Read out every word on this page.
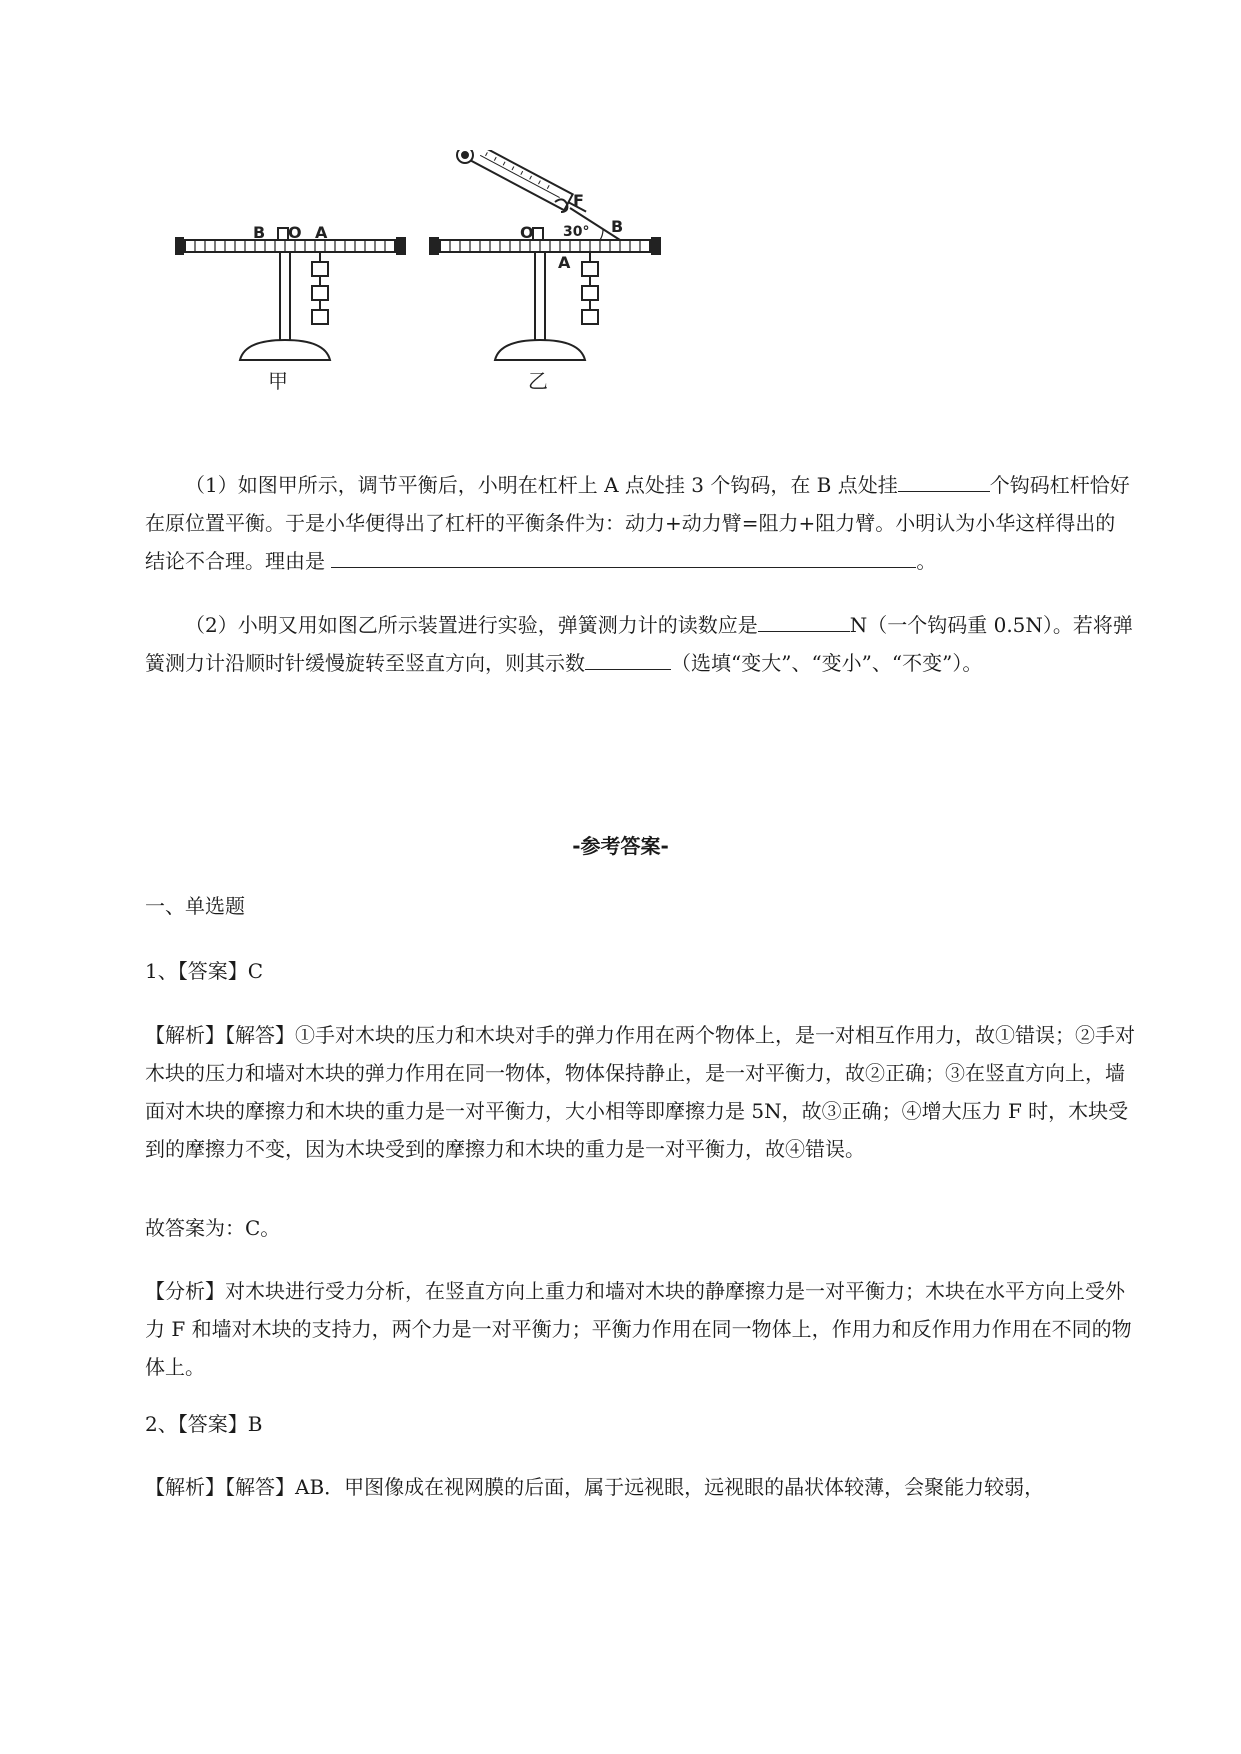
B O A	O
A
B
F
30°
甲	乙

（1）如图甲所示，调节平衡后，小明在杠杆上 A 点处挂 3 个钩码，在 B 点处挂	个钩码杠杆恰好在原位置平衡。于是小华便得出了杠杆的平衡条件为：动力+动力臂=阻力+阻力臂。小明认为小华这样得出的结论不合理。理由是	。

（2）小明又用如图乙所示装置进行实验，弹簧测力计的读数应是	N（一个钩码重 0.5N）。若将弹簧测力计沿顺时针缓慢旋转至竖直方向，则其示数	（选填“变大”、“变小”、“不变”）。

-参考答案-
一、单选题
1、【答案】C

【解析】【解答】①手对木块的压力和木块对手的弹力作用在两个物体上，是一对相互作用力，故①错误；②手对木块的压力和墙对木块的弹力作用在同一物体，物体保持静止，是一对平衡力，故②正确；③在竖直方向上，墙面对木块的摩擦力和木块的重力是一对平衡力，大小相等即摩擦力是 5N，故③正确；④增大压力 F 时，木块受到的摩擦力不变，因为木块受到的摩擦力和木块的重力是一对平衡力，故④错误。

故答案为：C。

【分析】对木块进行受力分析，在竖直方向上重力和墙对木块的静摩擦力是一对平衡力；木块在水平方向上受外力 F 和墙对木块的支持力，两个力是一对平衡力；平衡力作用在同一物体上，作用力和反作用力作用在不同的物体上。

2、【答案】B

【解析】【解答】AB．甲图像成在视网膜的后面，属于远视眼，远视眼的晶状体较薄，会聚能力较弱，
